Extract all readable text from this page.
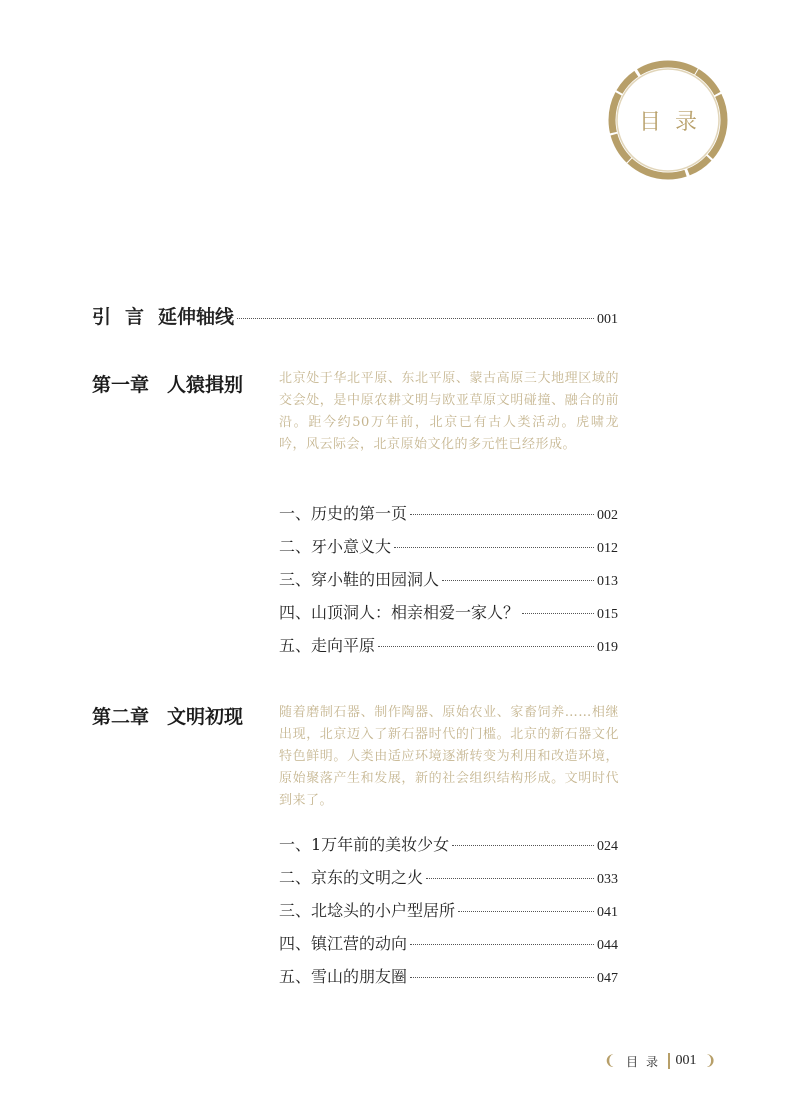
目录
引言 延伸轴线	001
第一章 人猿揖别	北京处于华北平原、东北平原、蒙古高原三大地理区域的交会处，是中原农耕文明与欧亚草原文明碰撞、融合的前沿。距今约50万年前，北京已有古人类活动。虎啸龙吟，风云际会，北京原始文化的多元性已经形成。
一、历史的第一页	002
二、牙小意义大	012
三、穿小鞋的田园洞人	013
四、山顶洞人：相亲相爱一家人？	015
五、走向平原	019
第二章 文明初现	随着磨制石器、制作陶器、原始农业、家畜饲养……相继出现，北京迈入了新石器时代的门槛。北京的新石器文化特色鲜明。人类由适应环境逐渐转变为利用和改造环境，原始聚落产生和发展，新的社会组织结构形成。文明时代到来了。
一、1万年前的美妆少女	024
二、京东的文明之火	033
三、北埝头的小户型居所	041
四、镇江营的动向	044
五、雪山的朋友圈	047
❨ 目录 001 ❩
